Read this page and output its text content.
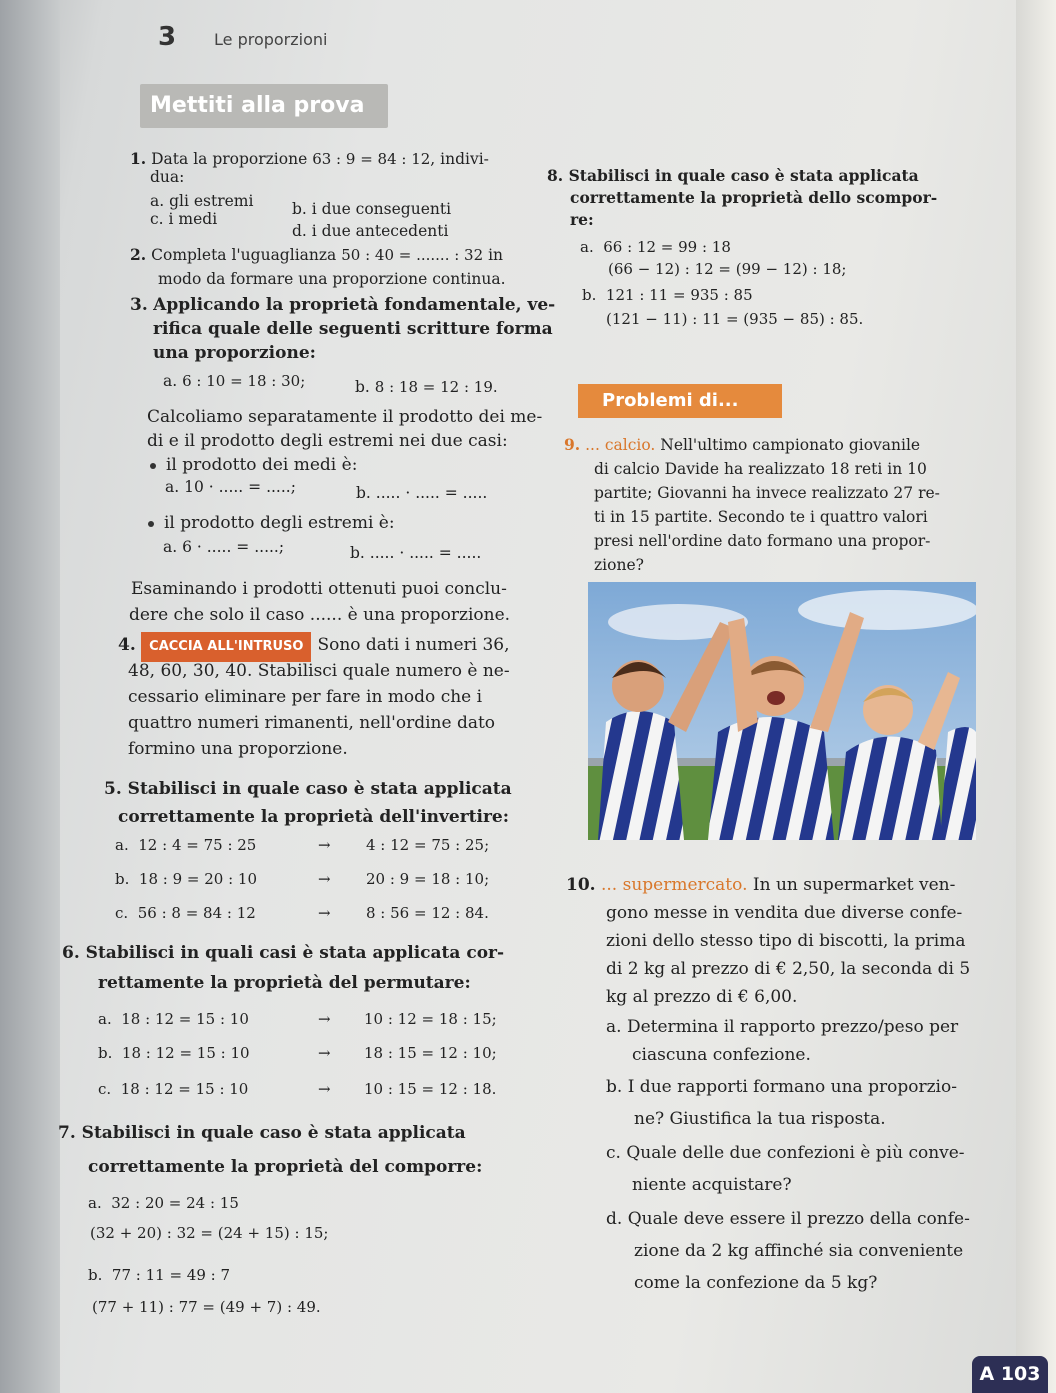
3 Le proporzioni
Mettiti alla prova
1. Data la proporzione 63 : 9 = 84 : 12, indivi-
dua:
a. gli estremi b. i due conseguenti
c. i medi
d. i due antecedenti
2. Completa l'uguaglianza 50 : 40 = ....... : 32 in
modo da formare una proporzione continua.
3. Applicando la proprietà fondamentale, ve-
rifica quale delle seguenti scritture forma
una proporzione:
a. 6 : 10 = 18 : 30;	b. 8 : 18 = 12 : 19.
Calcoliamo separatamente il prodotto dei me-
di e il prodotto degli estremi nei due casi:
il prodotto dei medi è:
a. 10 · ..... = .....;	b. ..... · ..... = .....
il prodotto degli estremi è:
a. 6 · ..... = .....;	b. ..... · ..... = .....
Esaminando i prodotti ottenuti puoi conclu-
dere che solo il caso ...... è una proporzione.
4. CACCIA ALL'INTRUSO Sono dati i numeri 36,
48, 60, 30, 40. Stabilisci quale numero è ne-
cessario eliminare per fare in modo che i
quattro numeri rimanenti, nell'ordine dato
formino una proporzione.
5. Stabilisci in quale caso è stata applicata
correttamente la proprietà dell'invertire:
a. 12 : 4 = 75 : 25	→ 4 : 12 = 75 : 25;
b. 18 : 9 = 20 : 10	→ 20 : 9 = 18 : 10;
c. 56 : 8 = 84 : 12	→ 8 : 56 = 12 : 84.
6. Stabilisci in quali casi è stata applicata cor-
rettamente la proprietà del permutare:
a. 18 : 12 = 15 : 10	→ 10 : 12 = 18 : 15;
b. 18 : 12 = 15 : 10	→ 18 : 15 = 12 : 10;
c. 18 : 12 = 15 : 10	→ 10 : 15 = 12 : 18.
7. Stabilisci in quale caso è stata applicata
correttamente la proprietà del comporre:
a. 32 : 20 = 24 : 15
(32 + 20) : 32 = (24 + 15) : 15;
b. 77 : 11 = 49 : 7
(77 + 11) : 77 = (49 + 7) : 49.
8. Stabilisci in quale caso è stata applicata
correttamente la proprietà dello scompor-
re:
a. 66 : 12 = 99 : 18
(66 − 12) : 12 = (99 − 12) : 18;
b. 121 : 11 = 935 : 85
(121 − 11) : 11 = (935 − 85) : 85.
Problemi di...
9. ... calcio. Nell'ultimo campionato giovanile
di calcio Davide ha realizzato 18 reti in 10
partite; Giovanni ha invece realizzato 27 re-
ti in 15 partite. Secondo te i quattro valori
presi nell'ordine dato formano una propor-
zione?
10. ... supermercato. In un supermarket ven-
gono messe in vendita due diverse confe-
zioni dello stesso tipo di biscotti, la prima
di 2 kg al prezzo di € 2,50, la seconda di 5
kg al prezzo di € 6,00.
a. Determina il rapporto prezzo/peso per
ciascuna confezione.
b. I due rapporti formano una proporzio-
ne? Giustifica la tua risposta.
c. Quale delle due confezioni è più conve-
niente acquistare?
d. Quale deve essere il prezzo della confe-
zione da 2 kg affinché sia conveniente
come la confezione da 5 kg?
A 103
